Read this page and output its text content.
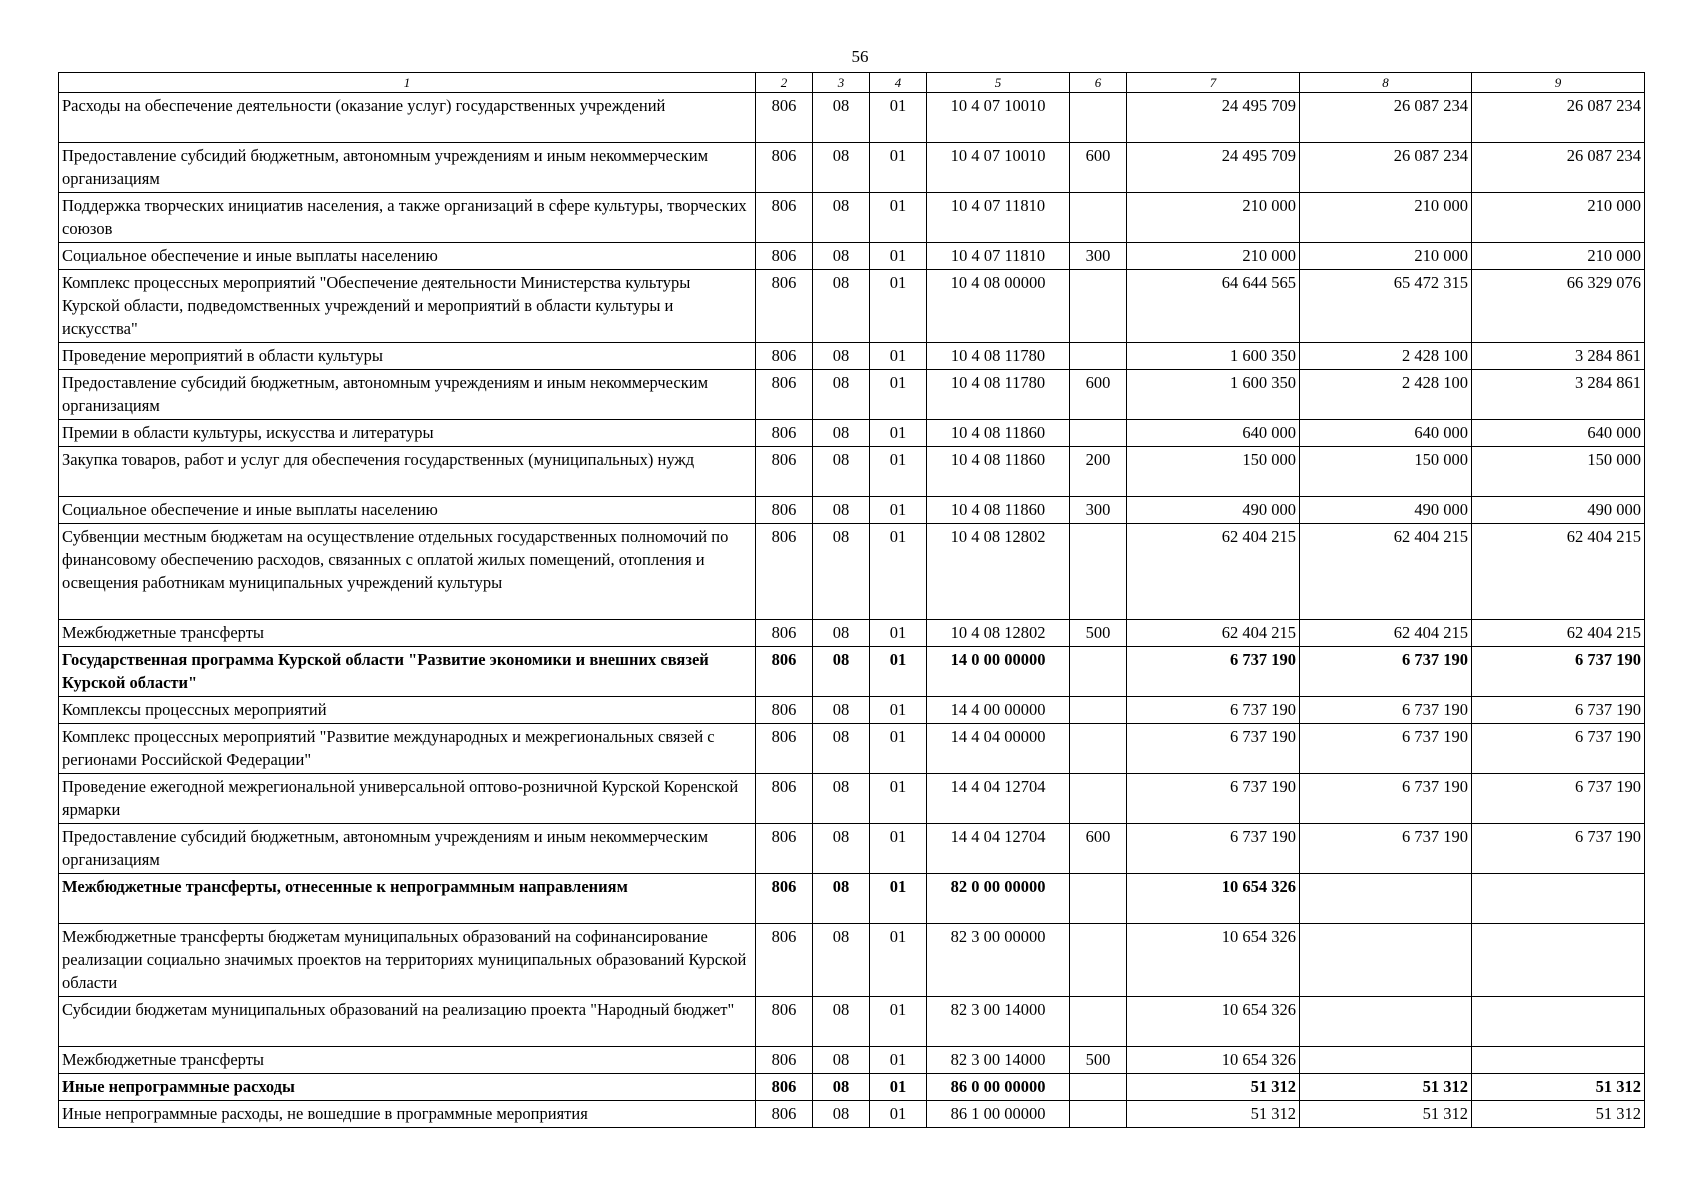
56
1	2	3	4	5	6	7	8	9
Расходы на обеспечение деятельности (оказание услуг) государственных учреждений	806	08	01	10 4 07 10010		24 495 709	26 087 234	26 087 234
Предоставление субсидий бюджетным, автономным учреждениям и иным некоммерческим организациям	806	08	01	10 4 07 10010	600	24 495 709	26 087 234	26 087 234
Поддержка творческих инициатив населения, а также организаций в сфере культуры, творческих союзов	806	08	01	10 4 07 11810		210 000	210 000	210 000
Социальное обеспечение и иные выплаты населению	806	08	01	10 4 07 11810	300	210 000	210 000	210 000
Комплекс процессных мероприятий "Обеспечение деятельности Министерства культуры Курской области, подведомственных учреждений и мероприятий в области культуры и искусства"	806	08	01	10 4 08 00000		64 644 565	65 472 315	66 329 076
Проведение мероприятий в области культуры	806	08	01	10 4 08 11780		1 600 350	2 428 100	3 284 861
Предоставление субсидий бюджетным, автономным учреждениям и иным некоммерческим организациям	806	08	01	10 4 08 11780	600	1 600 350	2 428 100	3 284 861
Премии в области культуры, искусства и литературы	806	08	01	10 4 08 11860		640 000	640 000	640 000
Закупка товаров, работ и услуг для обеспечения государственных (муниципальных) нужд	806	08	01	10 4 08 11860	200	150 000	150 000	150 000
Социальное обеспечение и иные выплаты населению	806	08	01	10 4 08 11860	300	490 000	490 000	490 000
Субвенции местным бюджетам на осуществление отдельных государственных полномочий по финансовому обеспечению расходов, связанных с оплатой жилых помещений, отопления и освещения работникам муниципальных учреждений культуры	806	08	01	10 4 08 12802		62 404 215	62 404 215	62 404 215
Межбюджетные трансферты	806	08	01	10 4 08 12802	500	62 404 215	62 404 215	62 404 215
Государственная программа Курской области "Развитие экономики и внешних связей Курской области"	806	08	01	14 0 00 00000		6 737 190	6 737 190	6 737 190
Комплексы процессных мероприятий	806	08	01	14 4 00 00000		6 737 190	6 737 190	6 737 190
Комплекс процессных мероприятий "Развитие международных и межрегиональных связей с регионами Российской Федерации"	806	08	01	14 4 04 00000		6 737 190	6 737 190	6 737 190
Проведение ежегодной межрегиональной универсальной оптово-розничной Курской Коренской ярмарки	806	08	01	14 4 04 12704		6 737 190	6 737 190	6 737 190
Предоставление субсидий бюджетным, автономным учреждениям и иным некоммерческим организациям	806	08	01	14 4 04 12704	600	6 737 190	6 737 190	6 737 190
Межбюджетные трансферты, отнесенные к непрограммным направлениям	806	08	01	82 0 00 00000		10 654 326		
Межбюджетные трансферты бюджетам муниципальных образований на софинансирование реализации социально значимых проектов на территориях муниципальных образований Курской области	806	08	01	82 3 00 00000		10 654 326		
Субсидии бюджетам муниципальных образований на реализацию проекта "Народный бюджет"	806	08	01	82 3 00 14000		10 654 326		
Межбюджетные трансферты	806	08	01	82 3 00 14000	500	10 654 326		
Иные непрограммные расходы	806	08	01	86 0 00 00000		51 312	51 312	51 312
Иные непрограммные расходы, не вошедшие в программные мероприятия	806	08	01	86 1 00 00000		51 312	51 312	51 312
